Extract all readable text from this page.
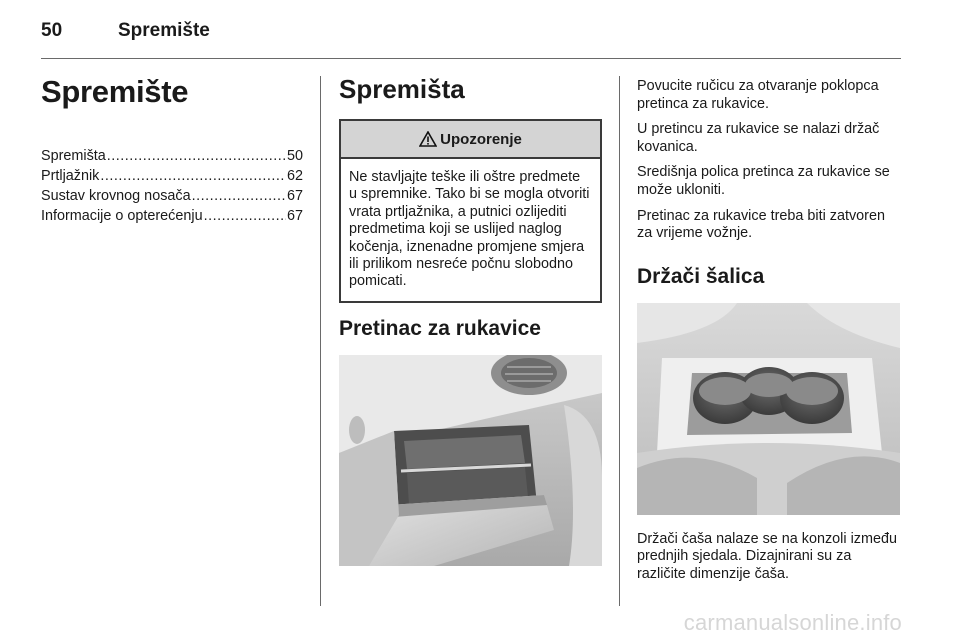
50	Spremište
Spremište
Spremišta .....	50
Prtljažnik .....	62
Sustav krovnog nosača .....	67
Informacije o opterećenju .....	67
Spremišta
Upozorenje
Ne stavljajte teške ili oštre predmete u spremnike. Tako bi se mogla otvoriti vrata prtljažnika, a putnici ozlijediti predmetima koji se uslijed naglog kočenja, iznenadne promjene smjera ili prilikom nesreće počnu slobodno pomicati.
Pretinac za rukavice

Povucite ručicu za otvaranje poklopca pretinca za rukavice.

U pretincu za rukavice se nalazi držač kovanica.

Središnja polica pretinca za rukavice se može ukloniti.

Pretinac za rukavice treba biti zatvoren za vrijeme vožnje.

Držači šalica

Držači čaša nalaze se na konzoli između prednjih sjedala. Dizajnirani su za različite dimenzije čaša.

carmanualsonline.info
